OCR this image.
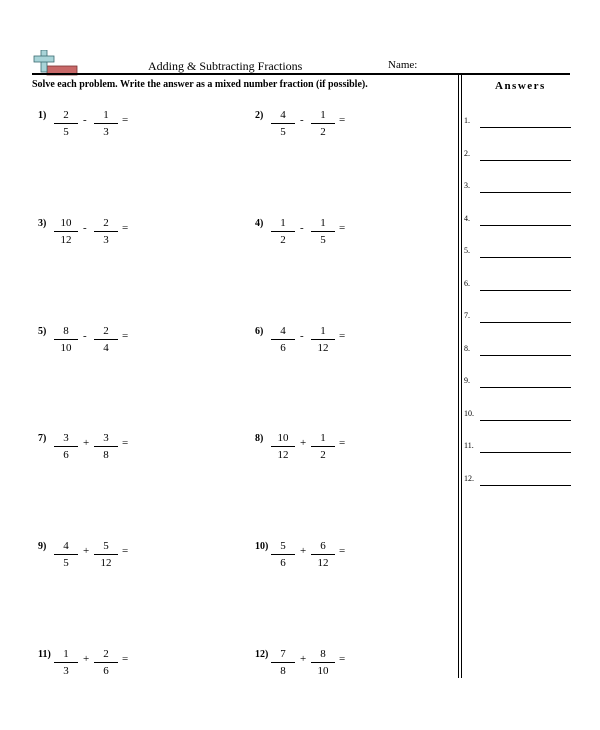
Adding & Subtracting Fractions	Name:
Solve each problem. Write the answer as a mixed number fraction (if possible).	Answers
1.
2.
3.
4.
5.
6.
7.
8.
9.
10.
11.
12.
1)	2
5
-	1
3
=	2)	4
5
-	1
2
=
3)	10
12
-	2
3
=	4)	1
2
-	1
5
=
5)	8
10
-	2
4
=	6)	4
6
-	1
12
=
7)	3
6
+	3
8
=	8)	10
12
+	1
2
=
9)	4
5
+	5
12
=	10)	5
6
+	6
12
=
11)	1
3
+	2
6
=	12)	7
8
+	8
10
=
